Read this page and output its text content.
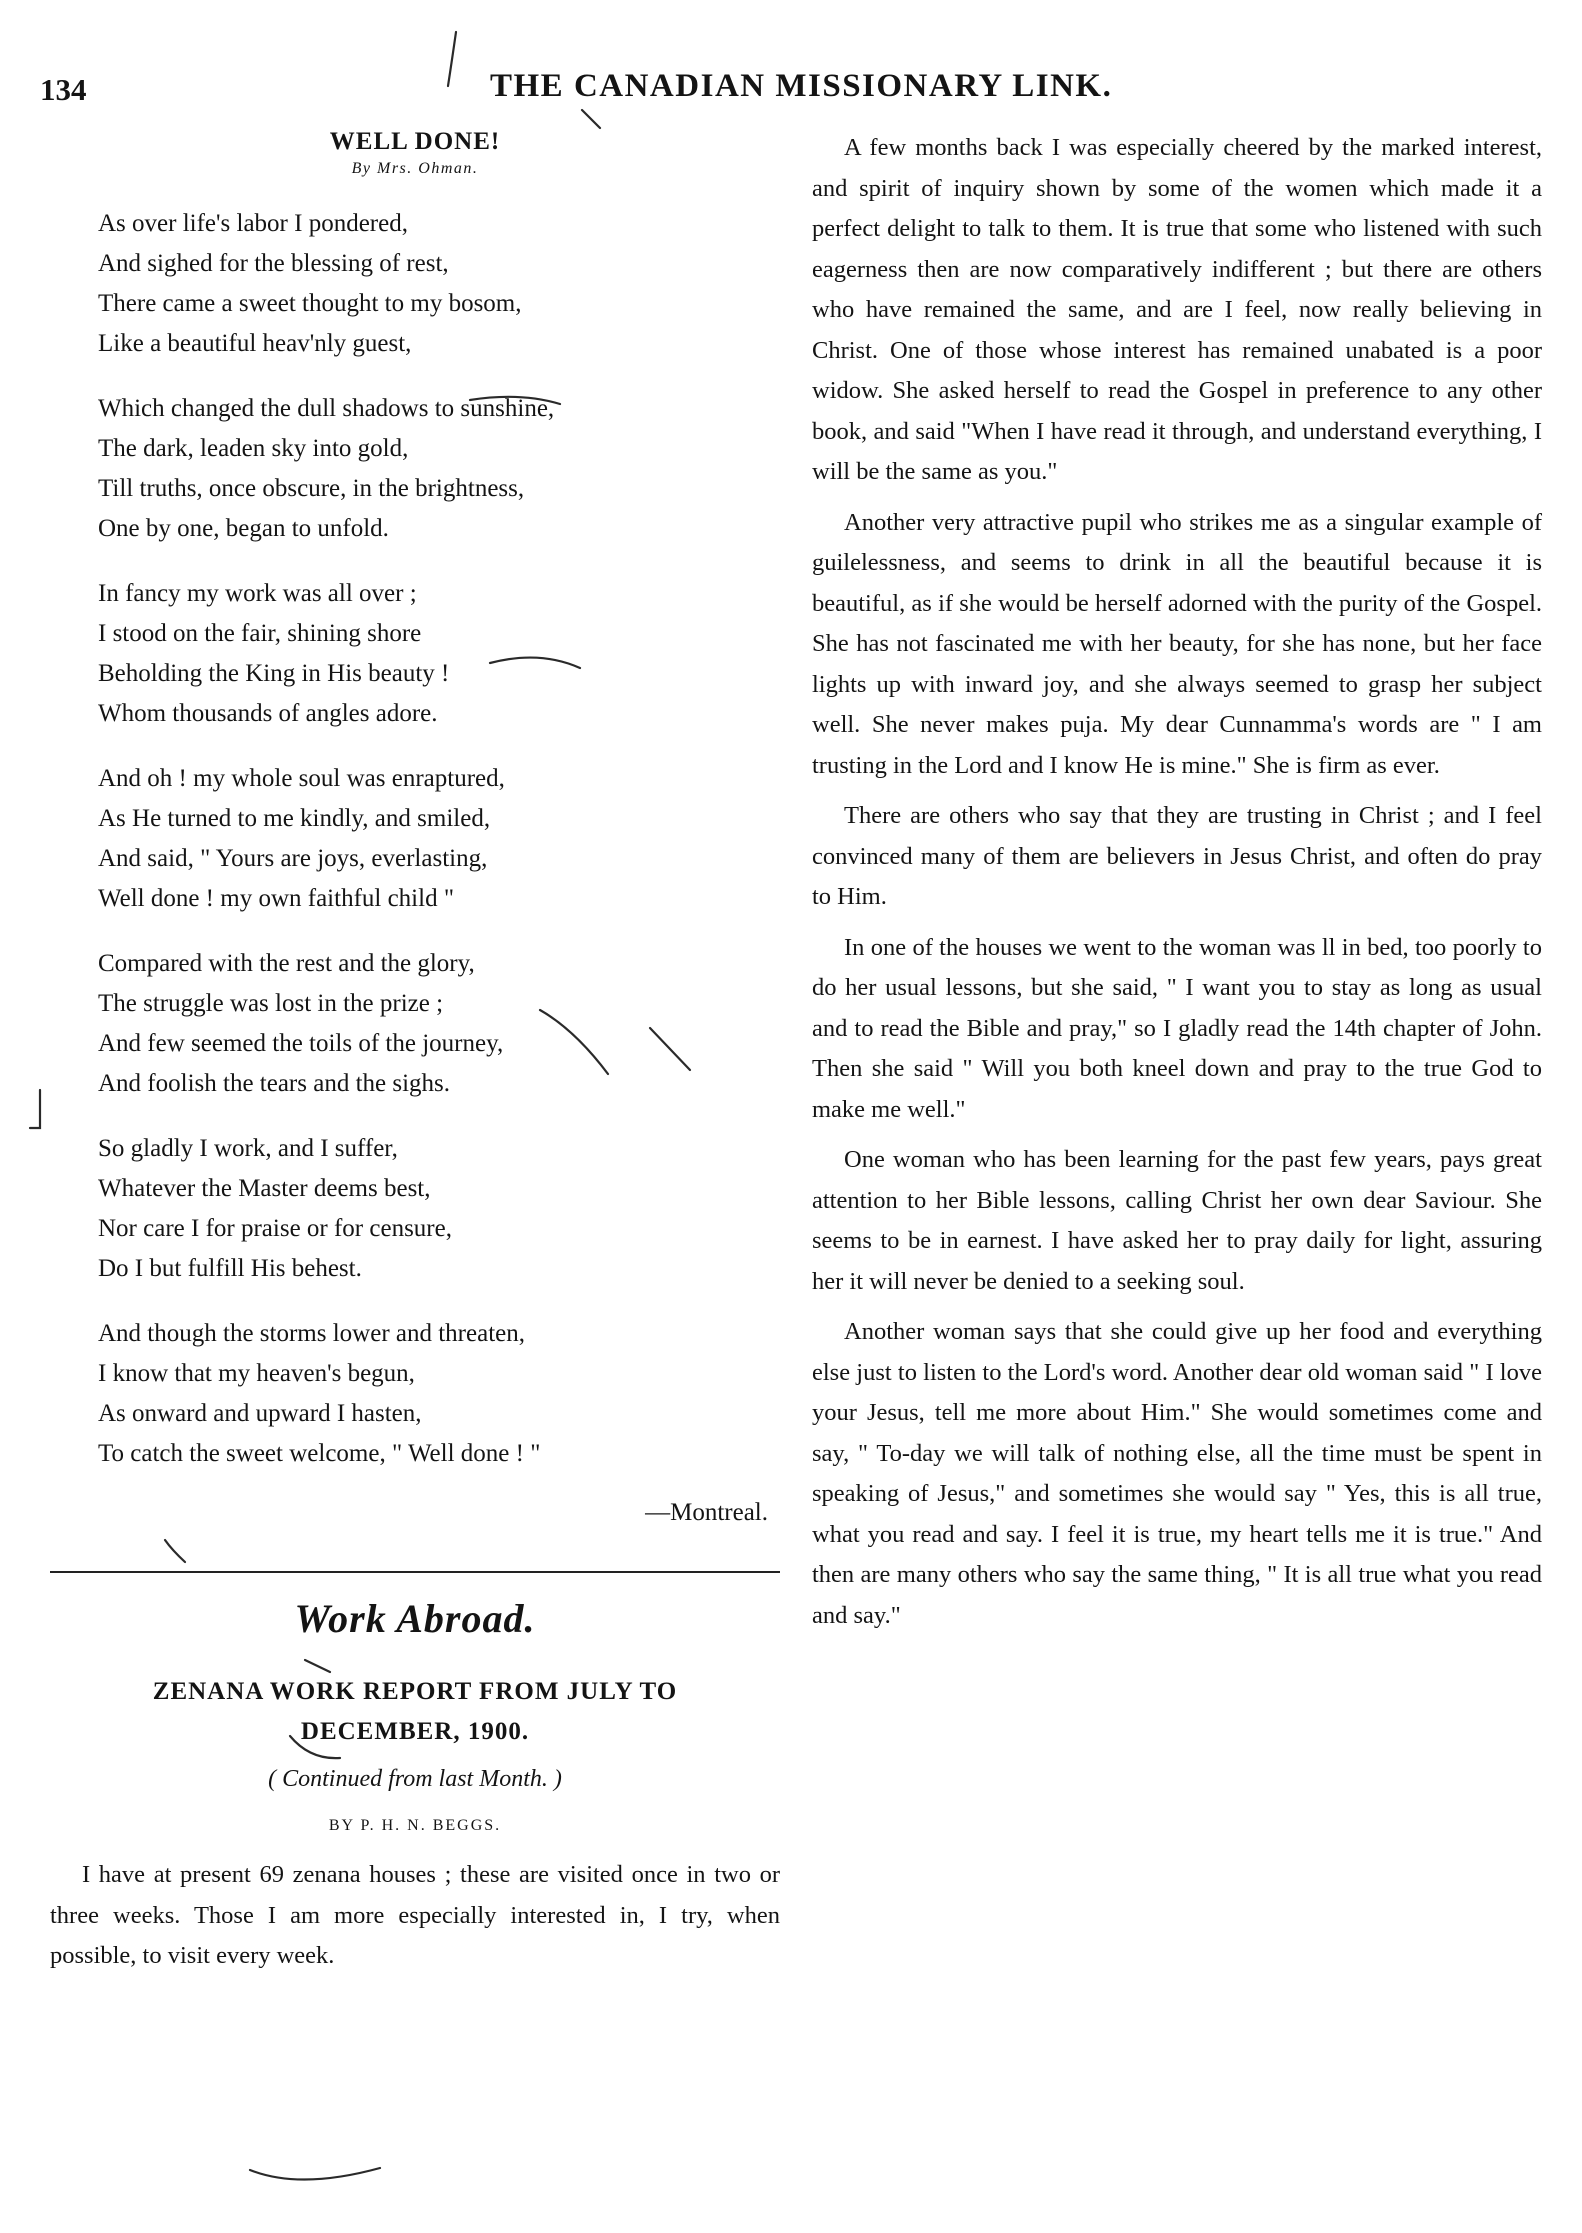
134	THE CANADIAN MISSIONARY LINK.
WELL DONE!
By Mrs. Ohman.
As over life's labor I pondered,
And sighed for the blessing of rest,
There came a sweet thought to my bosom,
Like a beautiful heav'nly guest,
Which changed the dull shadows to sunshine,
The dark, leaden sky into gold,
Till truths, once obscure, in the brightness,
One by one, began to unfold.
In fancy my work was all over ;
I stood on the fair, shining shore
Beholding the King in His beauty !
Whom thousands of angles adore.
And oh ! my whole soul was enraptured,
As He turned to me kindly, and smiled,
And said, " Yours are joys, everlasting,
Well done ! my own faithful child "
Compared with the rest and the glory,
The struggle was lost in the prize ;
And few seemed the toils of the journey,
And foolish the tears and the sighs.
So gladly I work, and I suffer,
Whatever the Master deems best,
Nor care I for praise or for censure,
Do I but fulfill His behest.
And though the storms lower and threaten,
I know that my heaven's begun,
As onward and upward I hasten,
To catch the sweet welcome, " Well done ! "
—Montreal.
Work Abroad.
ZENANA WORK REPORT FROM JULY TO
DECEMBER, 1900.
( Continued from last Month. )
BY P. H. N. BEGGS.

I have at present 69 zenana houses ; these are visited once in two or three weeks. Those I am more especially interested in, I try, when possible, to visit every week.

A few months back I was especially cheered by the marked interest, and spirit of inquiry shown by some of the women which made it a perfect delight to talk to them. It is true that some who listened with such eagerness then are now comparatively indifferent ; but there are others who have remained the same, and are I feel, now really believing in Christ. One of those whose interest has remained unabated is a poor widow. She asked herself to read the Gospel in preference to any other book, and said "When I have read it through, and understand everything, I will be the same as you."

Another very attractive pupil who strikes me as a singular example of guilelessness, and seems to drink in all the beautiful because it is beautiful, as if she would be herself adorned with the purity of the Gospel. She has not fascinated me with her beauty, for she has none, but her face lights up with inward joy, and she always seemed to grasp her subject well. She never makes puja. My dear Cunnamma's words are " I am trusting in the Lord and I know He is mine." She is firm as ever.

There are others who say that they are trusting in Christ ; and I feel convinced many of them are believers in Jesus Christ, and often do pray to Him.

In one of the houses we went to the woman was ll in bed, too poorly to do her usual lessons, but she said, " I want you to stay as long as usual and to read the Bible and pray," so I gladly read the 14th chapter of John. Then she said " Will you both kneel down and pray to the true God to make me well."

One woman who has been learning for the past few years, pays great attention to her Bible lessons, calling Christ her own dear Saviour. She seems to be in earnest. I have asked her to pray daily for light, assuring her it will never be denied to a seeking soul.

Another woman says that she could give up her food and everything else just to listen to the Lord's word. Another dear old woman said " I love your Jesus, tell me more about Him." She would sometimes come and say, " To-day we will talk of nothing else, all the time must be spent in speaking of Jesus," and sometimes she would say " Yes, this is all true, what you read and say. I feel it is true, my heart tells me it is true." And then are many others who say the same thing, " It is all true what you read and say."
